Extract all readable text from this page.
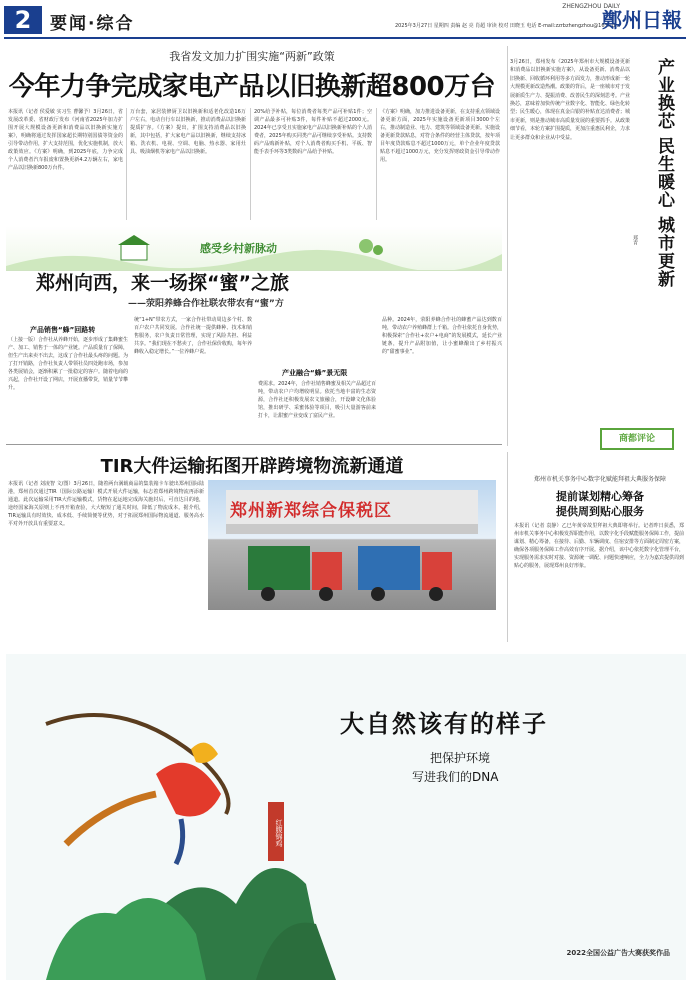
2	要闻·综合
ZHENGZHOU DAILY
2025年3月27日 星期四 责编 赵 亮 肖超 审读 校对 田晓玉 电话 E-mail:zzrbzhengzhou@163.com
鄭州日報
我省发文加力扩围实施“两新”政策
今年力争完成家电产品以旧换新超800万台
本报讯（记者 侯爱敏 实习生 曹馨予）3月26日，省发展改革委、省财政厅发布《河南省2025年加力扩围开展大规模设备更新和消费品以旧换新实施方案》，明确将通过发挥国家超长期特别国债等资金的引导带动作用，扩大支持范围，优化实施机制，放大政策效应。《方案》明确，到2025年底，力争完成个人消费者汽车报废和置换更新4.2万辆左右，家电产品以旧换新800万台件。
万台套，家居装修厨卫以旧换新和适老化改造16万户左右，电动自行车以旧换新，推动消费品以旧换新提质扩容。《方案》提出，扩围支持消费品以旧换新，其中包括，扩大家电产品以旧换新，继续支持冰箱、洗衣机、电视、空调、电脑、热水器、家用灶具、吸油烟机等家电产品以旧换新。
20%给予补贴，每位消费者每类产品可补贴1件；空调产品最多可补贴3件，每件补贴不超过2000元。2024年已享受且实施家电产品以旧换新补贴的个人消费者，2025年购买同类产品可继续享受补贴。支持数码产品购新补贴，对个人消费者购买手机、平板、智能手表手环等3类数码产品给予补贴。
《方案》明确，加力推进设备更新，在支持重点领域设备更新方面，2025年实施设备更新项目3000个左右，推动制造业、电力、建筑等领域设备更新。实施设备更新贷款贴息，对符合条件的经营主体贷款，按年项目年度贷款贴息不超过1000万元，单个企业年度贷款贴息不超过1000万元，充分发挥财政资金引导带动作用。
3月26日，郑州发布《2025年郑州市大规模设备更新和消费品以旧换新实施方案》，从设备更新、消费品以旧换新、回收循环利用等多方面发力，推动形成新一轮大规模更新改造热潮。政策的背后，是一座城市对于发展新质生产力、提振消费、改善民生的深刻思考。产业换芯，意味着加快传统产业数字化、智能化、绿色化转型；民生暖心，体现在真金白银的补贴直达消费者；城市更新，则是推动城市高质量发展的重要抓手。从政策细节看，本轮方案扩围提质，更加注重惠民利企，力求让更多群众和企业从中受益。	产业换芯 民生暖心 城市更新
郑青
商都评论
感受乡村新脉动
郑州向西，来一场探“蜜”之旅
——荥阳养蜂合作社联农带农有“蜜”方
产品销售“蜂”回路转
（上接一版）合作社从养蜂开始，逐步形成了集蜂蜜生产、加工、销售于一体的产业链。产品质量有了保障，但生产出来卖不出去，这成了合作社最头疼的问题。为了打开销路，合作社负责人带领社员四处跑市场，参加各类展销会，逐渐积累了一批稳定的客户。随着电商的兴起，合作社开设了网店，开展直播带货，销量节节攀升。
统“1+N”带农方式，一家合作社带动周边多个村、数百户农户共同发展。合作社统一提供蜂种、技术和销售服务，农户负责日常管理，实现了风险共担、利益共享。“我们现在不愁卖了，合作社保价收购，每年养蜂收入稳定增长。”一位养蜂户说。
产业融合“蜂”景无限
费需求。2024年，合作社销售蜂蜜及相关产品超过百吨，带动农户户均增收明显。依托当地丰富的生态资源，合作社还积极发展农文旅融合，开设蜂文化体验馆，推出研学、采蜜体验等项目，吸引大量游客前来打卡，让甜蜜产业变成了富民产业。
品种。2024年，荥阳养蜂合作社的蜂蜜产品达到数百吨，带动农户养殖蜂群上千箱。合作社依托自身优势，积极探索“合作社+农户+电商”的发展模式，延长产业链条，提升产品附加值，让小蜜蜂酿出了乡村振兴的“甜蜜事业”。
TIR大件运输拓图开辟跨境物流新通道
本报讯（记者 刘凌智 文/图）3月26日，随着两台满载商品的集装箱卡车驶出郑州国际陆港，郑州首次通过TIR（国际公路运输）模式开展大件运输，标志着郑州跨境物流再添新通道。此次运输采用TIR大件运输模式，货物在起运地完成海关施封后，可直达目的地，途经国家海关原则上不再开箱查验，大大缩短了通关时间，降低了物流成本。据介绍，TIR运输具有时效快、成本低、手续简便等优势，对于拓展郑州国际物流通道、服务高水平对外开放具有重要意义。
郑州新郑综合保税区
郑州市机关事务中心数字化赋能拜祖大典服务保障
提前谋划精心筹备
提供周到贴心服务
本报讯（记者 袁静）乙巳年黄帝故里拜祖大典即将举行。记者昨日获悉，郑州市机关事务中心积极发挥职能作用，以数字化手段赋能服务保障工作，提前谋划、精心筹备，在接待、后勤、车辆调度、住宿安排等方面制定周密方案，确保各项服务保障工作高效有序开展。据介绍，该中心依托数字化管理平台，实现服务需求实时对接、资源统一调配、问题快速响应，全力为嘉宾提供周到贴心的服务，展现郑州良好形象。
红腹锦鸡
大自然该有的样子
把保护环境
写进我们的DNA
2022全国公益广告大赛获奖作品
